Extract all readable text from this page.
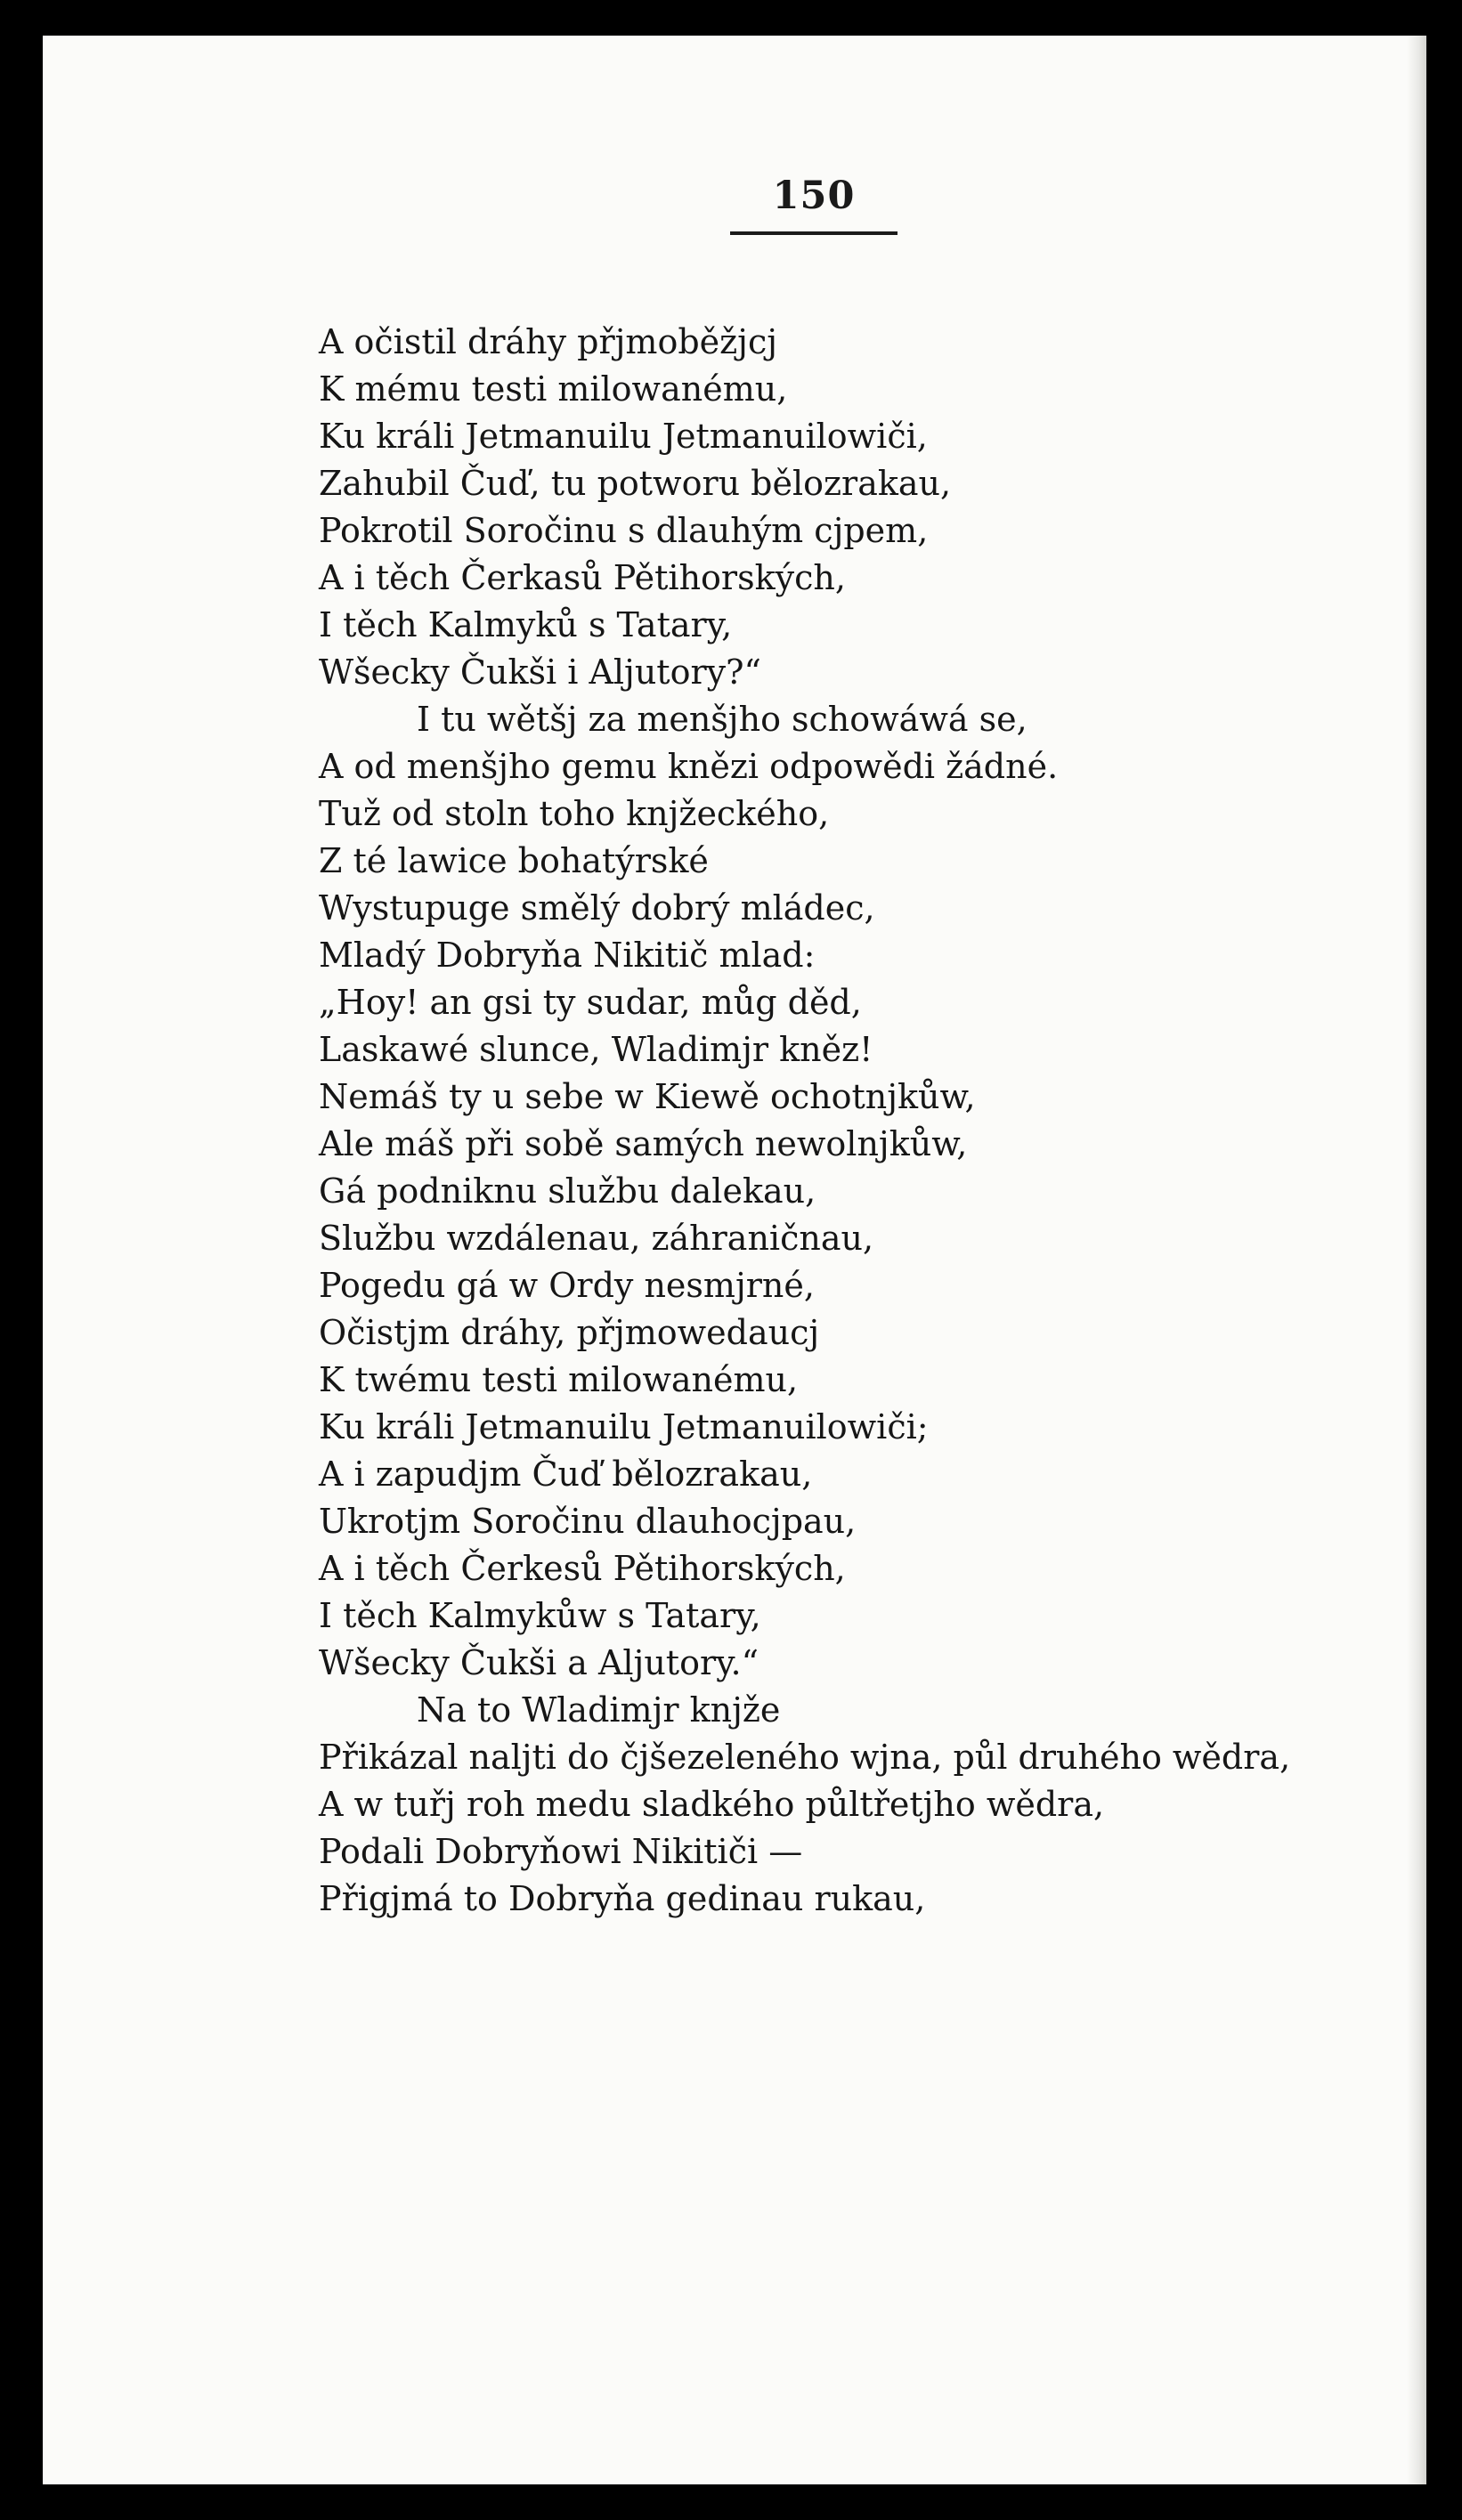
150
A očistil dráhy přjmoběžjcj
K mému testi milowanému,
Ku králi Jetmanuilu Jetmanuilowiči,
Zahubil Čuď, tu potworu bělozrakau,
Pokrotil Soročinu s dlauhým cjpem,
A i těch Čerkasů Pětihorských,
I těch Kalmyků s Tatary,
Wšecky Čukši i Aljutory?“
I tu wětšj za menšjho schowáwá se,
A od menšjho gemu knězi odpowědi žádné.
Tuž od stoln toho knjžeckého,
Z té lawice bohatýrské
Wystupuge smělý dobrý mládec,
Mladý Dobryňa Nikitič mlad:
„Hoy! an gsi ty sudar, můg děd,
Laskawé slunce, Wladimjr kněz!
Nemáš ty u sebe w Kiewě ochotnjkůw,
Ale máš při sobě samých newolnjkůw,
Gá podniknu službu dalekau,
Službu wzdálenau, záhraničnau,
Pogedu gá w Ordy nesmjrné,
Očistjm dráhy, přjmowedaucj
K twému testi milowanému,
Ku králi Jetmanuilu Jetmanuilowiči;
A i zapudjm Čuď bělozrakau,
Ukrotjm Soročinu dlauhocjpau,
A i těch Čerkesů Pětihorských,
I těch Kalmykůw s Tatary,
Wšecky Čukši a Aljutory.“
Na to Wladimjr knjže
Přikázal naljti do čjšezeleného wjna, půl druhého wědra,
A w tuřj roh medu sladkého půltřetjho wědra,
Podali Dobryňowi Nikitiči —
Přigjmá to Dobryňa gedinau rukau,
